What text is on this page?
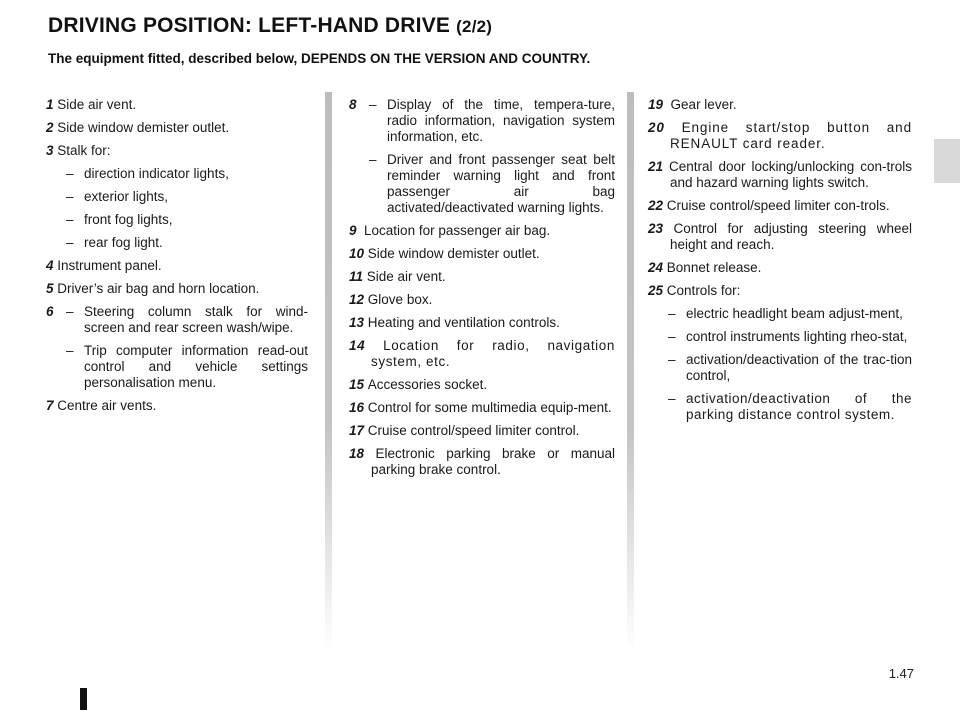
DRIVING POSITION: LEFT-HAND DRIVE (2/2)
The equipment fitted, described below, DEPENDS ON THE VERSION AND COUNTRY.
1 Side air vent.
2 Side window demister outlet.
3 Stalk for:
– direction indicator lights,
– exterior lights,
– front fog lights,
– rear fog light.
4 Instrument panel.
5 Driver’s air bag and horn location.
6 – Steering column stalk for wind-screen and rear screen wash/wipe.
– Trip computer information read-out control and vehicle settings personalisation menu.
7 Centre air vents.
8 – Display of the time, tempera-ture, radio information, navigation system information, etc.
– Driver and front passenger seat belt reminder warning light and front passenger air bag activated/deactivated warning lights.
9 Location for passenger air bag.
10 Side window demister outlet.
11 Side air vent.
12 Glove box.
13 Heating and ventilation controls.
14 Location for radio, navigation system, etc.
15 Accessories socket.
16 Control for some multimedia equip-ment.
17 Cruise control/speed limiter control.
18 Electronic parking brake or manual parking brake control.
19 Gear lever.
20 Engine start/stop button and RENAULT card reader.
21 Central door locking/unlocking con-trols and hazard warning lights switch.
22 Cruise control/speed limiter con-trols.
23 Control for adjusting steering wheel height and reach.
24 Bonnet release.
25 Controls for:
– electric headlight beam adjust-ment,
– control instruments lighting rheo-stat,
– activation/deactivation of the trac-tion control,
– activation/deactivation of the parking distance control system.
1.47
